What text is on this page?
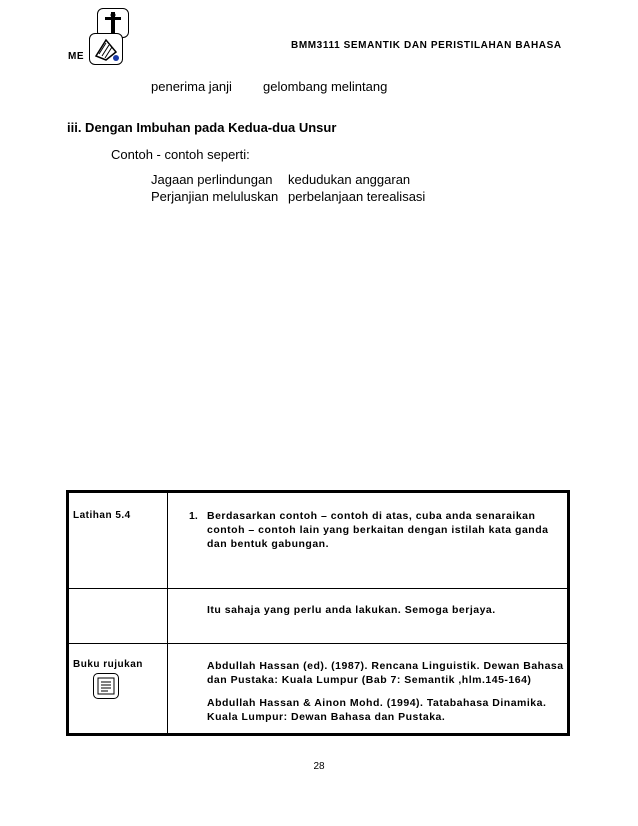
ME
BMM3111 SEMANTIK DAN PERISTILAHAN BAHASA
penerima janji gelombang melintang
iii. Dengan Imbuhan pada Kedua-dua Unsur
Contoh - contoh seperti:
Jagaan perlindungan kedudukan anggaran
Perjanjian meluluskan perbelanjaan terealisasi
Latihan 5.4	1. Berdasarkan contoh – contoh di atas, cuba anda senaraikan
contoh – contoh lain yang berkaitan dengan istilah kata ganda
dan bentuk gabungan.
Itu sahaja yang perlu anda lakukan. Semoga berjaya.
Buku rujukan	Abdullah Hassan (ed). (1987). Rencana Linguistik. Dewan Bahasa
dan Pustaka: Kuala Lumpur (Bab 7: Semantik ,hlm.145-164)
Abdullah Hassan & Ainon Mohd. (1994). Tatabahasa Dinamika.
Kuala Lumpur: Dewan Bahasa dan Pustaka.
28
